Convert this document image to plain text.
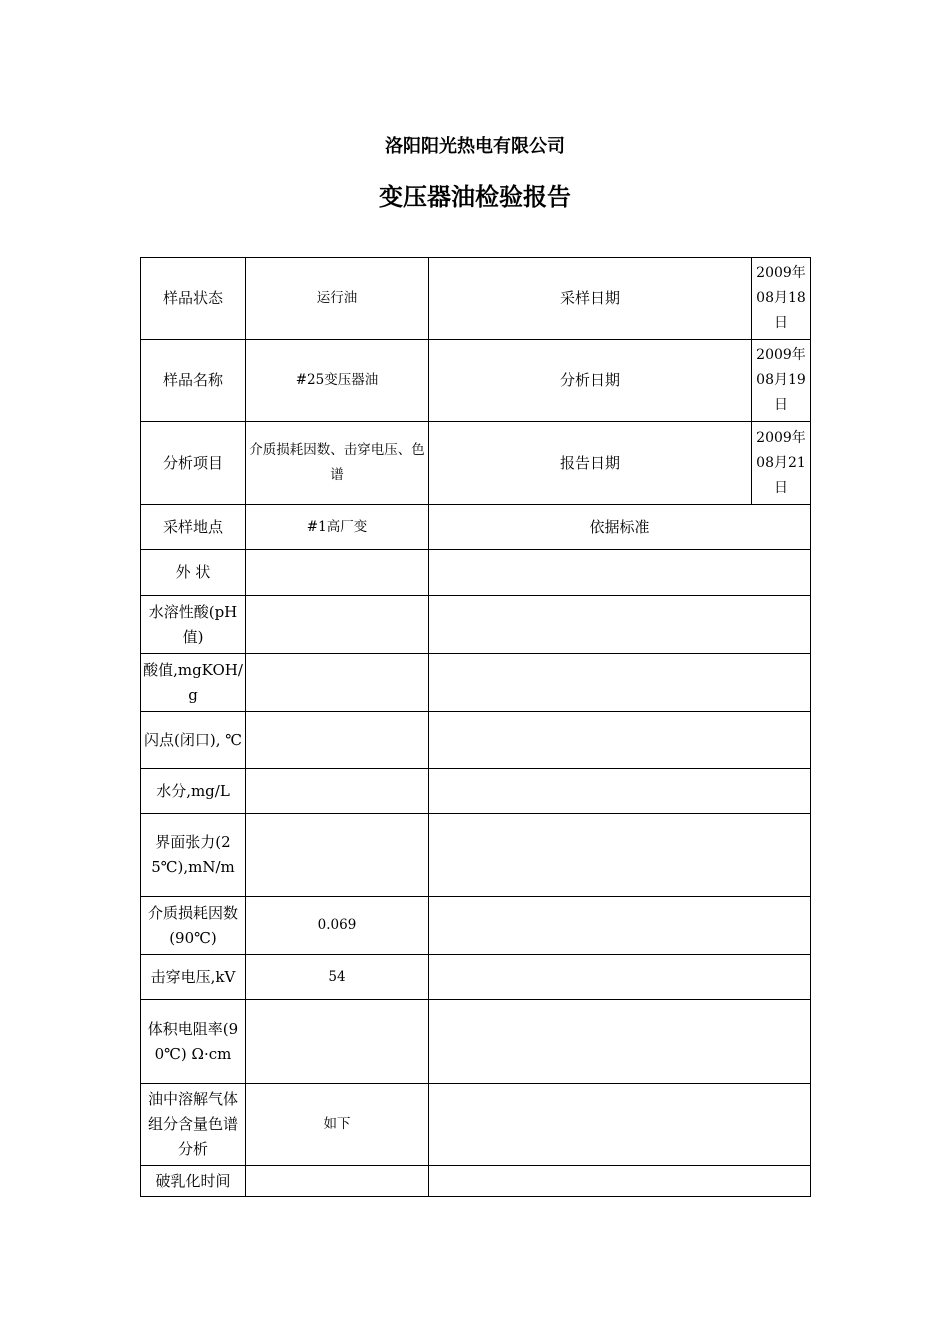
洛阳阳光热电有限公司
变压器油检验报告
样品状态	运行油	采样日期	2009年08月18日
样品名称	#25变压器油	分析日期	2009年08月19日
分析项目	介质损耗因数、击穿电压、色谱	报告日期	2009年08月21日
采样地点	#1高厂变	依据标准	
外 状			
水溶性酸(pH值)			
酸值,mgKOH/g			
闪点(闭口), ℃			
水分,mg/L			
界面张力(25℃),mN/m			
介质损耗因数(90℃)	0.069		
击穿电压,kV	54		
体积电阻率(90℃) Ω·cm			
油中溶解气体组分含量色谱分析	如下		
破乳化时间			
